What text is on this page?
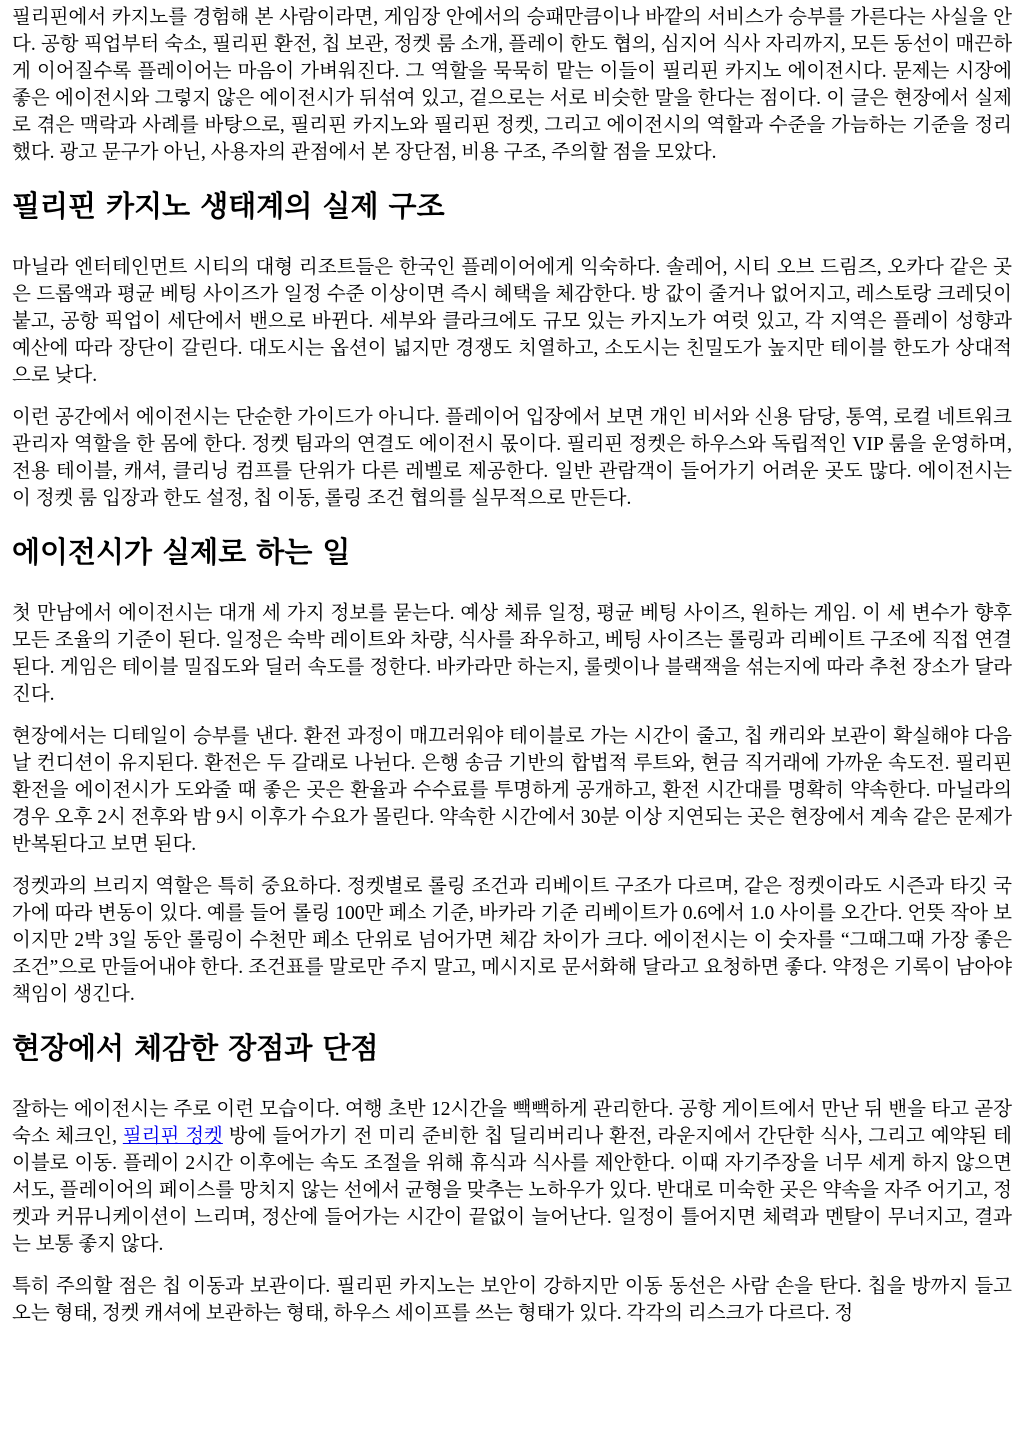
필리핀에서 카지노를 경험해 본 사람이라면, 게임장 안에서의 승패만큼이나 바깥의 서비스가 승부를 가른다는 사실을 안다. 공항 픽업부터 숙소, 필리핀 환전, 칩 보관, 정켓 룸 소개, 플레이 한도 협의, 심지어 식사 자리까지, 모든 동선이 매끈하게 이어질수록 플레이어는 마음이 가벼워진다. 그 역할을 묵묵히 맡는 이들이 필리핀 카지노 에이전시다. 문제는 시장에 좋은 에이전시와 그렇지 않은 에이전시가 뒤섞여 있고, 겉으로는 서로 비슷한 말을 한다는 점이다. 이 글은 현장에서 실제로 겪은 맥락과 사례를 바탕으로, 필리핀 카지노와 필리핀 정켓, 그리고 에이전시의 역할과 수준을 가늠하는 기준을 정리했다. 광고 문구가 아닌, 사용자의 관점에서 본 장단점, 비용 구조, 주의할 점을 모았다.

필리핀 카지노 생태계의 실제 구조

마닐라 엔터테인먼트 시티의 대형 리조트들은 한국인 플레이어에게 익숙하다. 솔레어, 시티 오브 드림즈, 오카다 같은 곳은 드롭액과 평균 베팅 사이즈가 일정 수준 이상이면 즉시 혜택을 체감한다. 방 값이 줄거나 없어지고, 레스토랑 크레딧이 붙고, 공항 픽업이 세단에서 밴으로 바뀐다. 세부와 클라크에도 규모 있는 카지노가 여럿 있고, 각 지역은 플레이 성향과 예산에 따라 장단이 갈린다. 대도시는 옵션이 넓지만 경쟁도 치열하고, 소도시는 친밀도가 높지만 테이블 한도가 상대적으로 낮다.

이런 공간에서 에이전시는 단순한 가이드가 아니다. 플레이어 입장에서 보면 개인 비서와 신용 담당, 통역, 로컬 네트워크 관리자 역할을 한 몸에 한다. 정켓 팀과의 연결도 에이전시 몫이다. 필리핀 정켓은 하우스와 독립적인 VIP 룸을 운영하며, 전용 테이블, 캐셔, 클리닝 컴프를 단위가 다른 레벨로 제공한다. 일반 관람객이 들어가기 어려운 곳도 많다. 에이전시는 이 정켓 룸 입장과 한도 설정, 칩 이동, 롤링 조건 협의를 실무적으로 만든다.

에이전시가 실제로 하는 일

첫 만남에서 에이전시는 대개 세 가지 정보를 묻는다. 예상 체류 일정, 평균 베팅 사이즈, 원하는 게임. 이 세 변수가 향후 모든 조율의 기준이 된다. 일정은 숙박 레이트와 차량, 식사를 좌우하고, 베팅 사이즈는 롤링과 리베이트 구조에 직접 연결된다. 게임은 테이블 밀집도와 딜러 속도를 정한다. 바카라만 하는지, 룰렛이나 블랙잭을 섞는지에 따라 추천 장소가 달라진다.

현장에서는 디테일이 승부를 낸다. 환전 과정이 매끄러워야 테이블로 가는 시간이 줄고, 칩 캐리와 보관이 확실해야 다음날 컨디션이 유지된다. 환전은 두 갈래로 나뉜다. 은행 송금 기반의 합법적 루트와, 현금 직거래에 가까운 속도전. 필리핀 환전을 에이전시가 도와줄 때 좋은 곳은 환율과 수수료를 투명하게 공개하고, 환전 시간대를 명확히 약속한다. 마닐라의 경우 오후 2시 전후와 밤 9시 이후가 수요가 몰린다. 약속한 시간에서 30분 이상 지연되는 곳은 현장에서 계속 같은 문제가 반복된다고 보면 된다.

정켓과의 브리지 역할은 특히 중요하다. 정켓별로 롤링 조건과 리베이트 구조가 다르며, 같은 정켓이라도 시즌과 타깃 국가에 따라 변동이 있다. 예를 들어 롤링 100만 페소 기준, 바카라 기준 리베이트가 0.6에서 1.0 사이를 오간다. 언뜻 작아 보이지만 2박 3일 동안 롤링이 수천만 페소 단위로 넘어가면 체감 차이가 크다. 에이전시는 이 숫자를 “그때그때 가장 좋은 조건”으로 만들어내야 한다. 조건표를 말로만 주지 말고, 메시지로 문서화해 달라고 요청하면 좋다. 약정은 기록이 남아야 책임이 생긴다.

현장에서 체감한 장점과 단점

잘하는 에이전시는 주로 이런 모습이다. 여행 초반 12시간을 빽빽하게 관리한다. 공항 게이트에서 만난 뒤 밴을 타고 곧장 숙소 체크인, 필리핀 정켓 방에 들어가기 전 미리 준비한 칩 딜리버리나 환전, 라운지에서 간단한 식사, 그리고 예약된 테이블로 이동. 플레이 2시간 이후에는 속도 조절을 위해 휴식과 식사를 제안한다. 이때 자기주장을 너무 세게 하지 않으면서도, 플레이어의 페이스를 망치지 않는 선에서 균형을 맞추는 노하우가 있다. 반대로 미숙한 곳은 약속을 자주 어기고, 정켓과 커뮤니케이션이 느리며, 정산에 들어가는 시간이 끝없이 늘어난다. 일정이 틀어지면 체력과 멘탈이 무너지고, 결과는 보통 좋지 않다.

특히 주의할 점은 칩 이동과 보관이다. 필리핀 카지노는 보안이 강하지만 이동 동선은 사람 손을 탄다. 칩을 방까지 들고 오는 형태, 정켓 캐셔에 보관하는 형태, 하우스 세이프를 쓰는 형태가 있다. 각각의 리스크가 다르다. 정
